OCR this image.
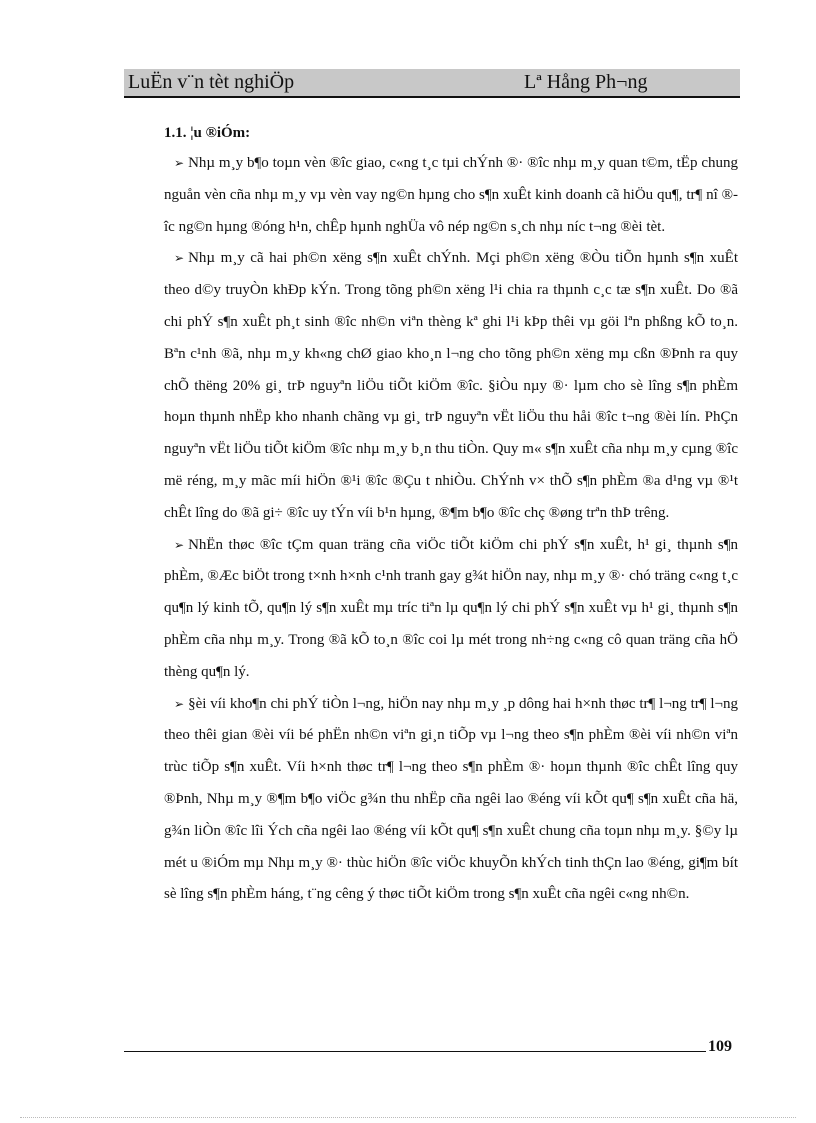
LuËn v¨n tèt nghiÖp	Lª Hång Ph¬ng

1.1. ¦u ®iÓm:

➢ Nhµ m¸y b¶o toµn vèn ®îc giao, c«ng t¸c tµi chÝnh ®· ®îc nhµ m¸y quan t©m, tËp chung nguån vèn cña nhµ m¸y vµ vèn vay ng©n hµng cho s¶n xuÊt kinh doanh cã hiÖu qu¶, tr¶ nî ®îc ng©n hµng ®óng h¹n, chÊp hµnh nghÜa vô nép ng©n s¸ch nhµ níc t¬ng ®èi tèt.

➢ Nhµ m¸y cã hai ph©n xëng s¶n xuÊt chÝnh. Mçi ph©n xëng ®Òu tiÕn hµnh s¶n xuÊt theo d©y truyÒn khÐp kÝn. Trong tõng ph©n xëng l¹i chia ra thµnh c¸c tæ s¶n xuÊt. Do ®ã chi phÝ s¶n xuÊt ph¸t sinh ®îc nh©n viªn thèng kª ghi l¹i kÞp thêi vµ göi lªn phßng kÕ to¸n. Bªn c¹nh ®ã, nhµ m¸y kh«ng chØ giao kho¸n l¬ng cho tõng ph©n xëng mµ cßn ®Þnh ra quy chÕ thëng 20% gi¸ trÞ nguyªn liÖu tiÕt kiÖm ®îc. §iÒu nµy ®· lµm cho sè lîng s¶n phÈm hoµn thµnh nhËp kho nhanh chãng vµ gi¸ trÞ nguyªn vËt liÖu thu håi ®îc t¬ng ®èi lín. PhÇn nguyªn vËt liÖu tiÕt kiÖm ®îc nhµ m¸y b¸n thu tiÒn. Quy m« s¶n xuÊt cña nhµ m¸y cµng ®îc më réng, m¸y mãc míi hiÖn ®¹i ®îc ®Çu t nhiÒu. ChÝnh v× thÕ s¶n phÈm ®a d¹ng vµ ®¹t chÊt lîng do ®ã gi÷ ®îc uy tÝn víi b¹n hµng, ®¶m b¶o ®îc chç ®øng trªn thÞ trêng.

➢ NhËn thøc ®îc tÇm quan träng cña viÖc tiÕt kiÖm chi phÝ s¶n xuÊt, h¹ gi¸ thµnh s¶n phÈm, ®Æc biÖt trong t×nh h×nh c¹nh tranh gay g¾t hiÖn nay, nhµ m¸y ®· chó träng c«ng t¸c qu¶n lý kinh tÕ, qu¶n lý s¶n xuÊt mµ tríc tiªn lµ qu¶n lý chi phÝ s¶n xuÊt vµ h¹ gi¸ thµnh s¶n phÈm cña nhµ m¸y. Trong ®ã kÕ to¸n ®îc coi lµ mét trong nh÷ng c«ng cô quan träng cña hÖ thèng qu¶n lý.

➢ §èi víi kho¶n chi phÝ tiÒn l¬ng, hiÖn nay nhµ m¸y ¸p dông hai h×nh thøc tr¶ l¬ng tr¶ l¬ng theo thêi gian ®èi víi bé phËn nh©n viªn gi¸n tiÕp vµ l¬ng theo s¶n phÈm ®èi víi nh©n viªn trùc tiÕp s¶n xuÊt. Víi h×nh thøc tr¶ l¬ng theo s¶n phÈm ®· hoµn thµnh ®îc chÊt lîng quy ®Þnh, Nhµ m¸y ®¶m b¶o viÖc g¾n thu nhËp cña ngêi lao ®éng víi kÕt qu¶ s¶n xuÊt cña hä, g¾n liÒn ®îc lîi Ých cña ngêi lao ®éng víi kÕt qu¶ s¶n xuÊt chung cña toµn nhµ m¸y. §©y lµ mét u ®iÓm mµ Nhµ m¸y ®· thùc hiÖn ®îc viÖc khuyÕn khÝch tinh thÇn lao ®éng, gi¶m bít sè lîng s¶n phÈm háng, t¨ng cêng ý thøc tiÕt kiÖm trong s¶n xuÊt cña ngêi c«ng nh©n.

109
